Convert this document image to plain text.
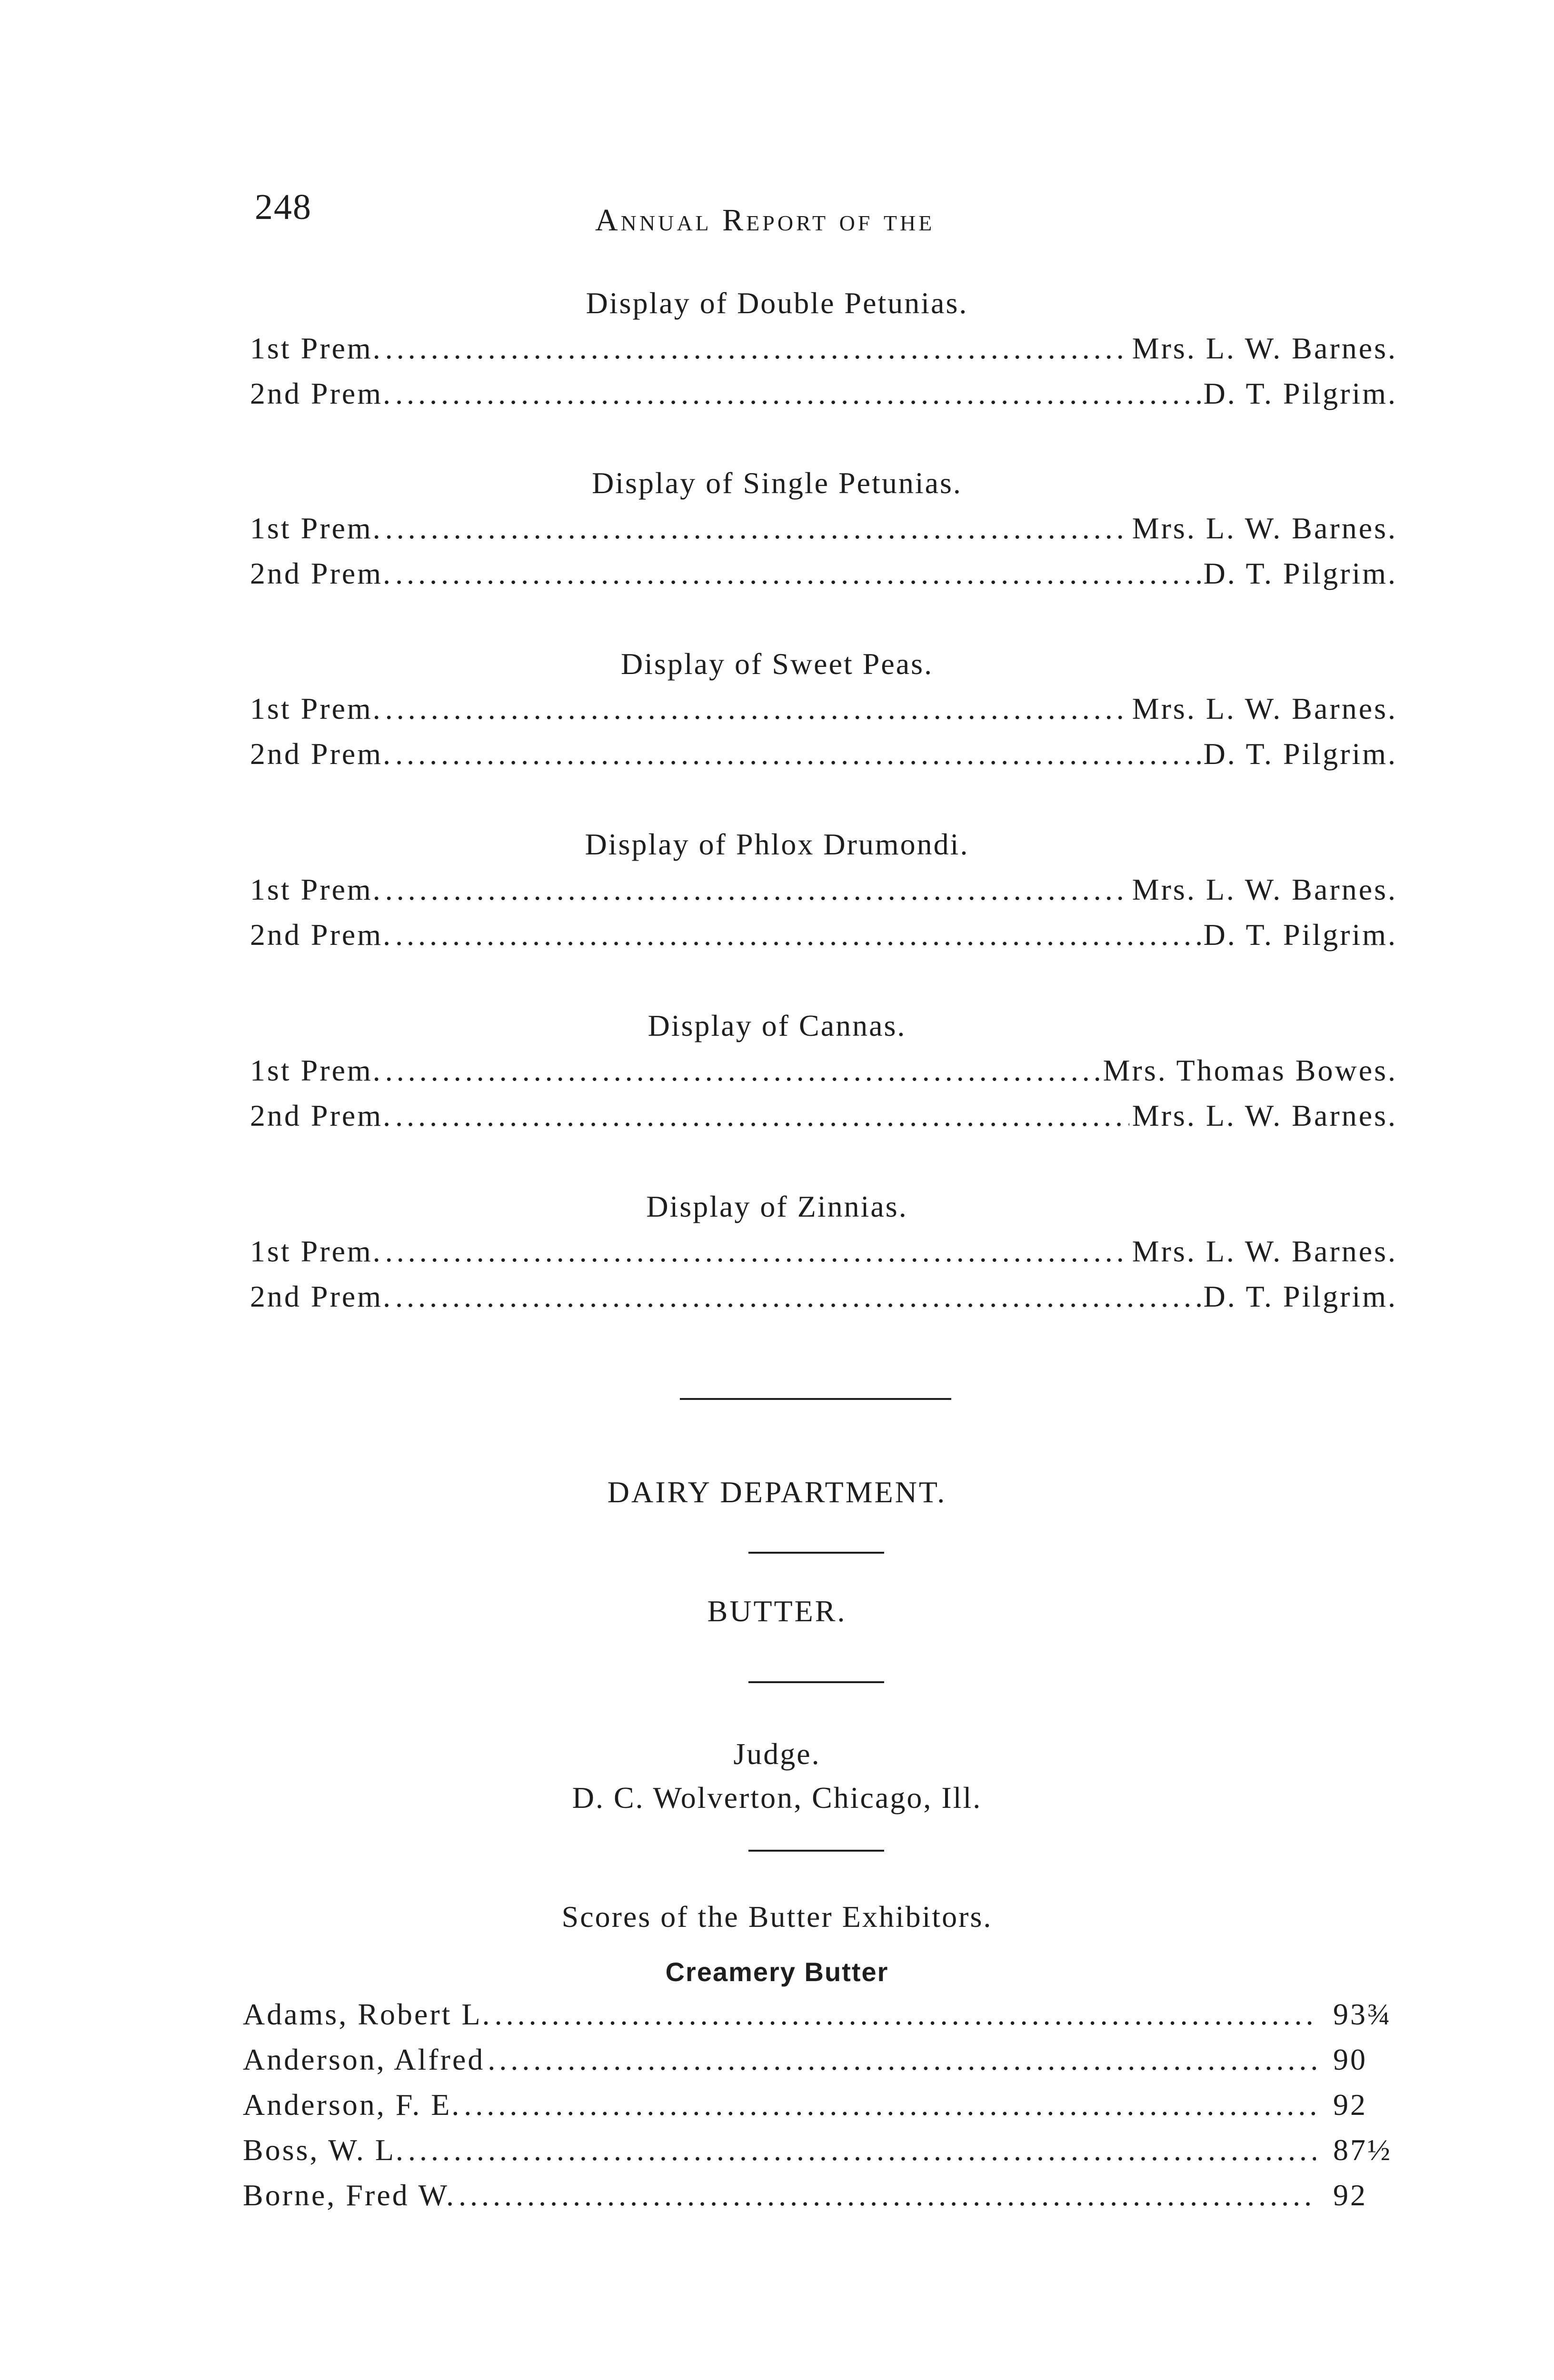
248	Annual Report of the
Display of Double Petunias.
1st Prem. . . .	Mrs. L. W. Barnes.
2nd Prem. . . .	D. T. Pilgrim.
Display of Single Petunias.
1st Prem. . . .	Mrs. L. W. Barnes.
2nd Prem. . . .	D. T. Pilgrim.
Display of Sweet Peas.
1st Prem. . . .	Mrs. L. W. Barnes.
2nd Prem. . . .	D. T. Pilgrim.
Display of Phlox Drumondi.
1st Prem. . . .	Mrs. L. W. Barnes.
2nd Prem. . . .	D. T. Pilgrim.
Display of Cannas.
1st Prem. . . .	Mrs. Thomas Bowes.
2nd Prem. . . .	Mrs. L. W. Barnes.
Display of Zinnias.
1st Prem. . . .	Mrs. L. W. Barnes.
2nd Prem. . . .	D. T. Pilgrim.
DAIRY DEPARTMENT.
BUTTER.
Judge.
D. C. Wolverton, Chicago, Ill.
Scores of the Butter Exhibitors.
Creamery Butter
Adams, Robert L. . . .	93¾
Anderson, Alfred . . .	90
Anderson, F. E. . . .	92
Boss, W. L. . . .	87½
Borne, Fred W. . . .	92
